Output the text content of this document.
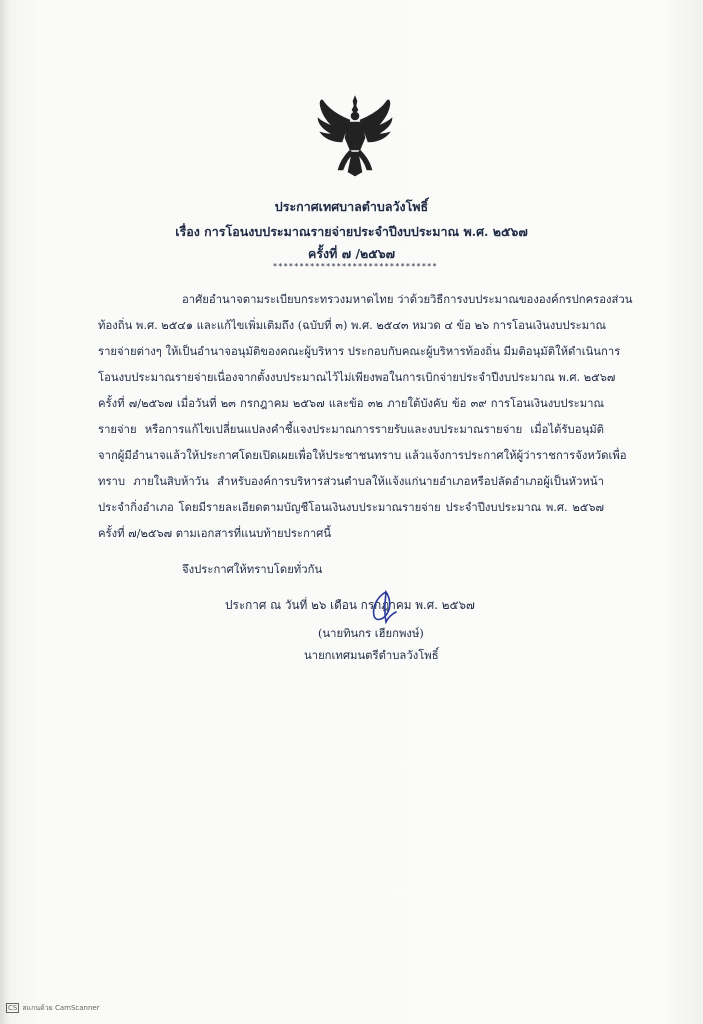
ประกาศเทศบาลตำบลวังโพธิ์
เรื่อง การโอนงบประมาณรายจ่ายประจำปีงบประมาณ พ.ศ. ๒๕๖๗
ครั้งที่ ๗ /๒๕๖๗
*******************************
อาศัยอำนาจตามระเบียบกระทรวงมหาดไทย ว่าด้วยวิธีการงบประมาณขององค์กรปกครองส่วน
ท้องถิ่น พ.ศ. ๒๕๔๑ และแก้ไขเพิ่มเติมถึง (ฉบับที่ ๓) พ.ศ. ๒๕๔๓ หมวด ๔ ข้อ ๒๖ การโอนเงินงบประมาณ
รายจ่ายต่างๆ ให้เป็นอำนาจอนุมัติของคณะผู้บริหาร ประกอบกับคณะผู้บริหารท้องถิ่น มีมติอนุมัติให้ดำเนินการ
โอนงบประมาณรายจ่ายเนื่องจากตั้งงบประมาณไว้ไม่เพียงพอในการเบิกจ่ายประจำปีงบประมาณ พ.ศ. ๒๕๖๗
ครั้งที่ ๗/๒๕๖๗ เมื่อวันที่ ๒๓ กรกฎาคม ๒๕๖๗ และข้อ ๓๒ ภายใต้บังคับ ข้อ ๓๙ การโอนเงินงบประมาณ
รายจ่าย หรือการแก้ไขเปลี่ยนแปลงคำชี้แจงประมาณการรายรับและงบประมาณรายจ่าย เมื่อได้รับอนุมัติ
จากผู้มีอำนาจแล้วให้ประกาศโดยเปิดเผยเพื่อให้ประชาชนทราบ แล้วแจ้งการประกาศให้ผู้ว่าราชการจังหวัดเพื่อ
ทราบ ภายในสิบห้าวัน สำหรับองค์การบริหารส่วนตำบลให้แจ้งแก่นายอำเภอหรือปลัดอำเภอผู้เป็นหัวหน้า
ประจำกิ่งอำเภอ โดยมีรายละเอียดตามบัญชีโอนเงินงบประมาณรายจ่าย ประจำปีงบประมาณ พ.ศ. ๒๕๖๗
ครั้งที่ ๗/๒๕๖๗ ตามเอกสารที่แนบท้ายประกาศนี้
จึงประกาศให้ทราบโดยทั่วกัน
ประกาศ ณ วันที่ ๒๖ เดือน กรกฎาคม พ.ศ. ๒๕๖๗
(นายทินกร เฮียกพงษ์)
นายกเทศมนตรีตำบลวังโพธิ์
CS สแกนด้วย CamScanner
